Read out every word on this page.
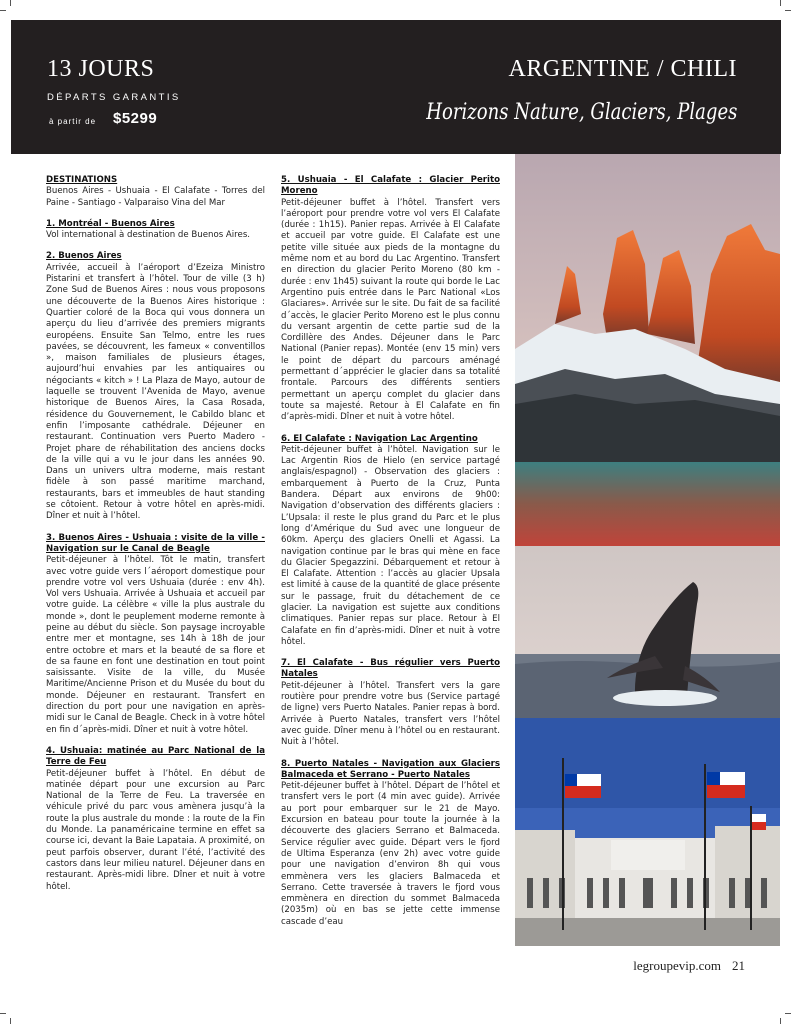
13 JOURS	ARGENTINE / CHILI
DÉPARTS GARANTIS
à partir de $5299	Horizons Nature, Glaciers, Plages

DESTINATIONS

Buenos Aires - Ushuaia - El Calafate - Torres del Paine - Santiago - Valparaiso Vina del Mar

1. Montréal - Buenos Aires

Vol international à destination de Buenos Aires.

2. Buenos Aires

Arrivée, accueil à l’aéroport d’Ezeiza Ministro Pistarini et transfert à l’hôtel. Tour de ville (3 h) Zone Sud de Buenos Aires : nous vous proposons une découverte de la Buenos Aires historique : Quartier coloré de la Boca qui vous donnera un aperçu du lieu d’arrivée des premiers migrants européens. Ensuite San Telmo, entre les rues pavées, se découvrent, les fameux « conventillos », maison familiales de plusieurs étages, aujourd’hui envahies par les antiquaires ou négociants « kitch » ! La Plaza de Mayo, autour de laquelle se trouvent l’Avenida de Mayo, avenue historique de Buenos Aires, la Casa Rosada, résidence du Gouvernement, le Cabildo blanc et enfin l’imposante cathédrale. Déjeuner en restaurant. Continuation vers Puerto Madero - Projet phare de réhabilitation des anciens docks de la ville qui a vu le jour dans les années 90. Dans un univers ultra moderne, mais restant fidèle à son passé maritime marchand, restaurants, bars et immeubles de haut standing se côtoient. Retour à votre hôtel en après-midi. Dîner et nuit à l’hôtel.

3. Buenos Aires - Ushuaia : visite de la ville - Navigation sur le Canal de Beagle

Petit-déjeuner à l’hôtel. Tôt le matin, transfert avec votre guide vers l´aéroport domestique pour prendre votre vol vers Ushuaia (durée : env 4h). Vol vers Ushuaia. Arrivée à Ushuaia et accueil par votre guide. La célèbre « ville la plus australe du monde », dont le peuplement moderne remonte à peine au début du siècle. Son paysage incroyable entre mer et montagne, ses 14h à 18h de jour entre octobre et mars et la beauté de sa flore et de sa faune en font une destination en tout point saisissante. Visite de la ville, du Musée Maritime/Ancienne Prison et du Musée du bout du monde. Déjeuner en restaurant. Transfert en direction du port pour une navigation en après-midi sur le Canal de Beagle. Check in à votre hôtel en fin d´après-midi. Dîner et nuit à votre hôtel.

4. Ushuaia: matinée au Parc National de la Terre de Feu

Petit-déjeuner buffet à l’hôtel. En début de matinée départ pour une excursion au Parc National de la Terre de Feu. La traversée en véhicule privé du parc vous amènera jusqu’à la route la plus australe du monde : la route de la Fin du Monde. La panaméricaine termine en effet sa course ici, devant la Baie Lapataia. A proximité, on peut parfois observer, durant l’été, l’activité des castors dans leur milieu naturel. Déjeuner dans en restaurant. Après-midi libre. Dîner et nuit à votre hôtel.

5. Ushuaia - El Calafate : Glacier Perito Moreno

Petit-déjeuner buffet à l’hôtel. Transfert vers l’aéroport pour prendre votre vol vers El Calafate (durée : 1h15). Panier repas. Arrivée à El Calafate et accueil par votre guide. El Calafate est une petite ville située aux pieds de la montagne du même nom et au bord du Lac Argentino. Transfert en direction du glacier Perito Moreno (80 km - durée : env 1h45) suivant la route qui borde le Lac Argentino puis entrée dans le Parc National «Los Glaciares». Arrivée sur le site. Du fait de sa facilité d´accès, le glacier Perito Moreno est le plus connu du versant argentin de cette partie sud de la Cordillère des Andes. Déjeuner dans le Parc National (Panier repas). Montée (env 15 min) vers le point de départ du parcours aménagé permettant d´apprécier le glacier dans sa totalité frontale. Parcours des différents sentiers permettant un aperçu complet du glacier dans toute sa majesté. Retour à El Calafate en fin d’après-midi. Dîner et nuit à votre hôtel.

6. El Calafate : Navigation Lac Argentino

Petit-déjeuner buffet à l’hôtel. Navigation sur le Lac Argentin Rios de Hielo (en service partagé anglais/espagnol) - Observation des glaciers : embarquement à Puerto de la Cruz, Punta Bandera. Départ aux environs de 9h00: Navigation d’observation des différents glaciers : L’Upsala: il reste le plus grand du Parc et le plus long d’Amérique du Sud avec une longueur de 60km. Aperçu des glaciers Onelli et Agassi. La navigation continue par le bras qui mène en face du Glacier Spegazzini. Débarquement et retour à El Calafate. Attention : l’accès au glacier Upsala est limité à cause de la quantité de glace présente sur le passage, fruit du détachement de ce glacier. La navigation est sujette aux conditions climatiques. Panier repas sur place. Retour à El Calafate en fin d’après-midi. Dîner et nuit à votre hôtel.

7. El Calafate - Bus régulier vers Puerto Natales

Petit-déjeuner à l’hôtel. Transfert vers la gare routière pour prendre votre bus (Service partagé de ligne) vers Puerto Natales. Panier repas à bord. Arrivée à Puerto Natales, transfert vers l’hôtel avec guide. Dîner menu à l’hôtel ou en restaurant. Nuit à l’hôtel.

8. Puerto Natales - Navigation aux Glaciers Balmaceda et Serrano - Puerto Natales

Petit-déjeuner buffet à l’hôtel. Départ de l’hôtel et transfert vers le port (4 min avec guide). Arrivée au port pour embarquer sur le 21 de Mayo. Excursion en bateau pour toute la journée à la découverte des glaciers Serrano et Balmaceda. Service régulier avec guide. Départ vers le fjord de Ultima Esperanza (env 2h) avec votre guide pour une navigation d’environ 8h qui vous emmènera vers les glaciers Balmaceda et Serrano. Cette traversée à travers le fjord vous emmènera en direction du sommet Balmaceda (2035m) où en bas se jette cette immense cascade d’eau

legroupevip.com 21
